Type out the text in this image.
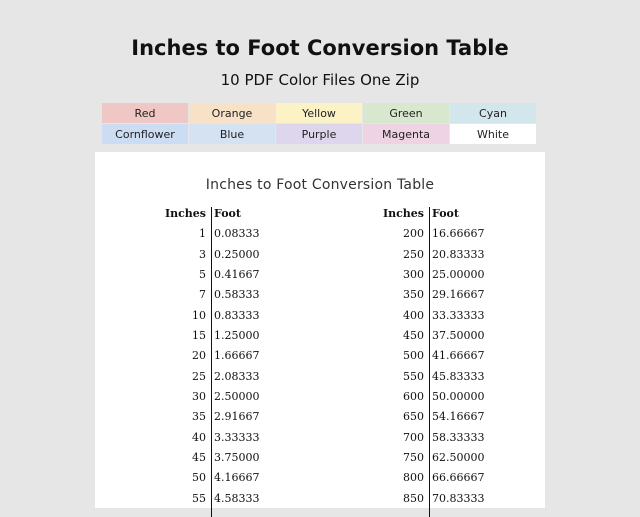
Inches to Foot Conversion Table
10 PDF Color Files One Zip
Red	Orange	Yellow	Green	Cyan
Cornflower	Blue	Purple	Magenta	White
Inches to Foot Conversion Table
Inches Foot
1 0.08333
3 0.25000
5 0.41667
7 0.58333
10 0.83333
15 1.25000
20 1.66667
25 2.08333
30 2.50000
35 2.91667
40 3.33333
45 3.75000
50 4.16667
55 4.58333
Inches Foot
200 16.66667
250 20.83333
300 25.00000
350 29.16667
400 33.33333
450 37.50000
500 41.66667
550 45.83333
600 50.00000
650 54.16667
700 58.33333
750 62.50000
800 66.66667
850 70.83333
